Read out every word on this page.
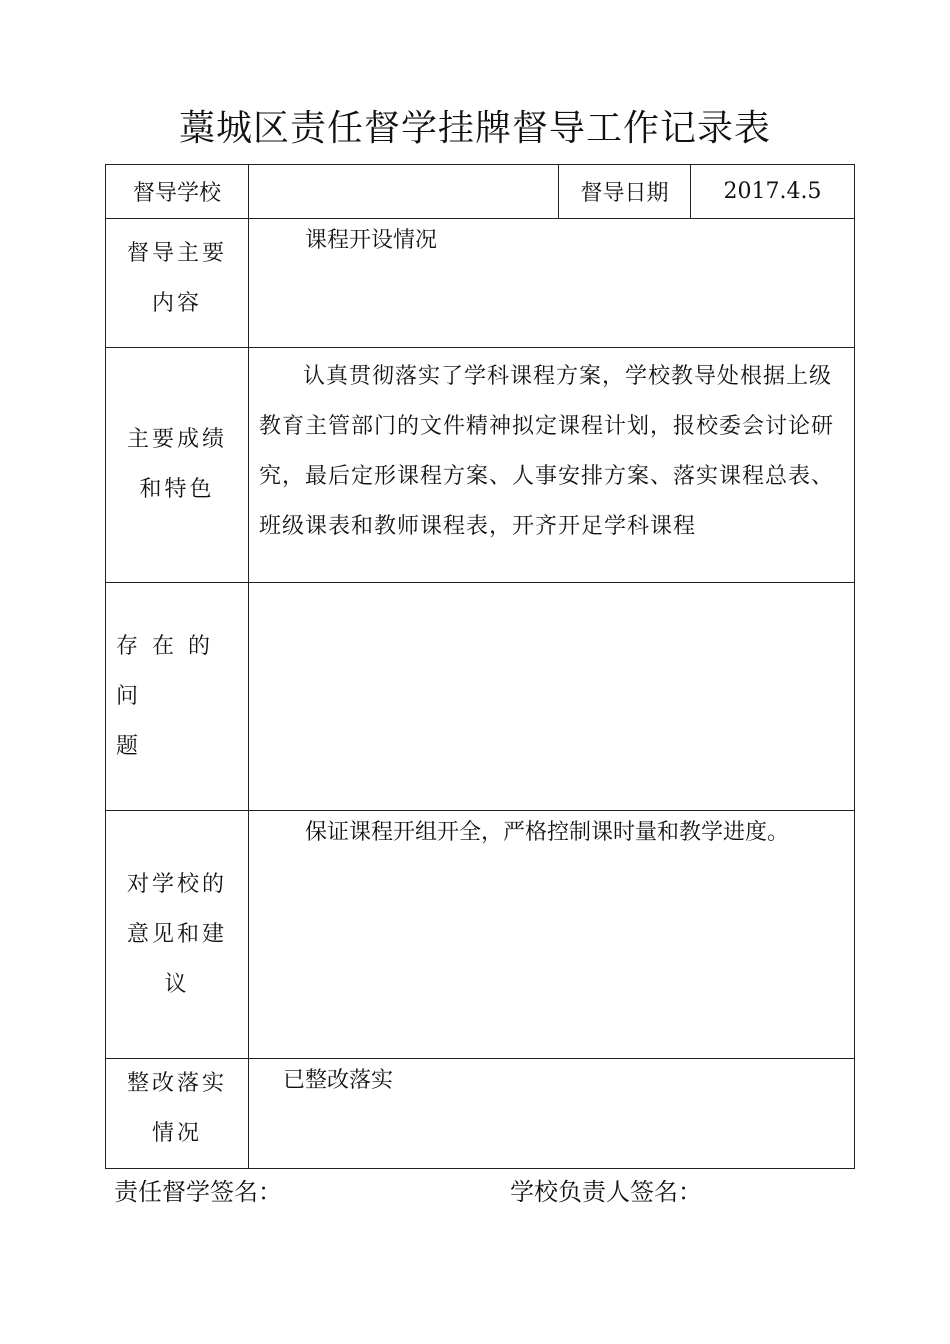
藁城区责任督学挂牌督导工作记录表
督导学校		督导日期	2017.4.5

督导主要
内容	课程开设情况		

主要成绩
和特色	认真贯彻落实了学科课程方案，学校教导处根据上级教育主管部门的文件精神拟定课程计划，报校委会讨论研究，最后定形课程方案、人事安排方案、落实课程总表、班级课表和教师课程表，开齐开足学科课程		

存在的问
题			

对学校的
意见和建
议	保证课程开组开全，严格控制课时量和教学进度。		

整改落实
情况	已整改落实		
责任督学签名：	学校负责人签名：
